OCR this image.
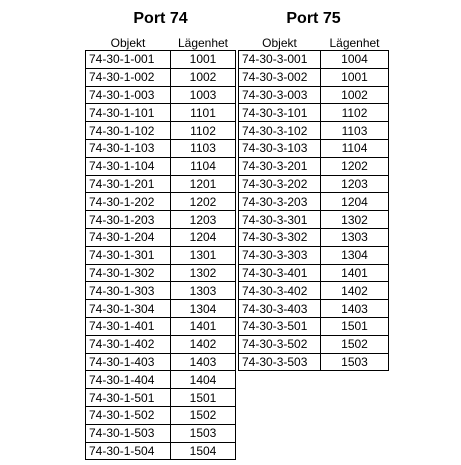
Port 74
Objekt	Lägenhet
74-30-1-001	1001
74-30-1-002	1002
74-30-1-003	1003
74-30-1-101	1101
74-30-1-102	1102
74-30-1-103	1103
74-30-1-104	1104
74-30-1-201	1201
74-30-1-202	1202
74-30-1-203	1203
74-30-1-204	1204
74-30-1-301	1301
74-30-1-302	1302
74-30-1-303	1303
74-30-1-304	1304
74-30-1-401	1401
74-30-1-402	1402
74-30-1-403	1403
74-30-1-404	1404
74-30-1-501	1501
74-30-1-502	1502
74-30-1-503	1503
74-30-1-504	1504
Port 75
Objekt	Lägenhet
74-30-3-001	1004
74-30-3-002	1001
74-30-3-003	1002
74-30-3-101	1102
74-30-3-102	1103
74-30-3-103	1104
74-30-3-201	1202
74-30-3-202	1203
74-30-3-203	1204
74-30-3-301	1302
74-30-3-302	1303
74-30-3-303	1304
74-30-3-401	1401
74-30-3-402	1402
74-30-3-403	1403
74-30-3-501	1501
74-30-3-502	1502
74-30-3-503	1503
